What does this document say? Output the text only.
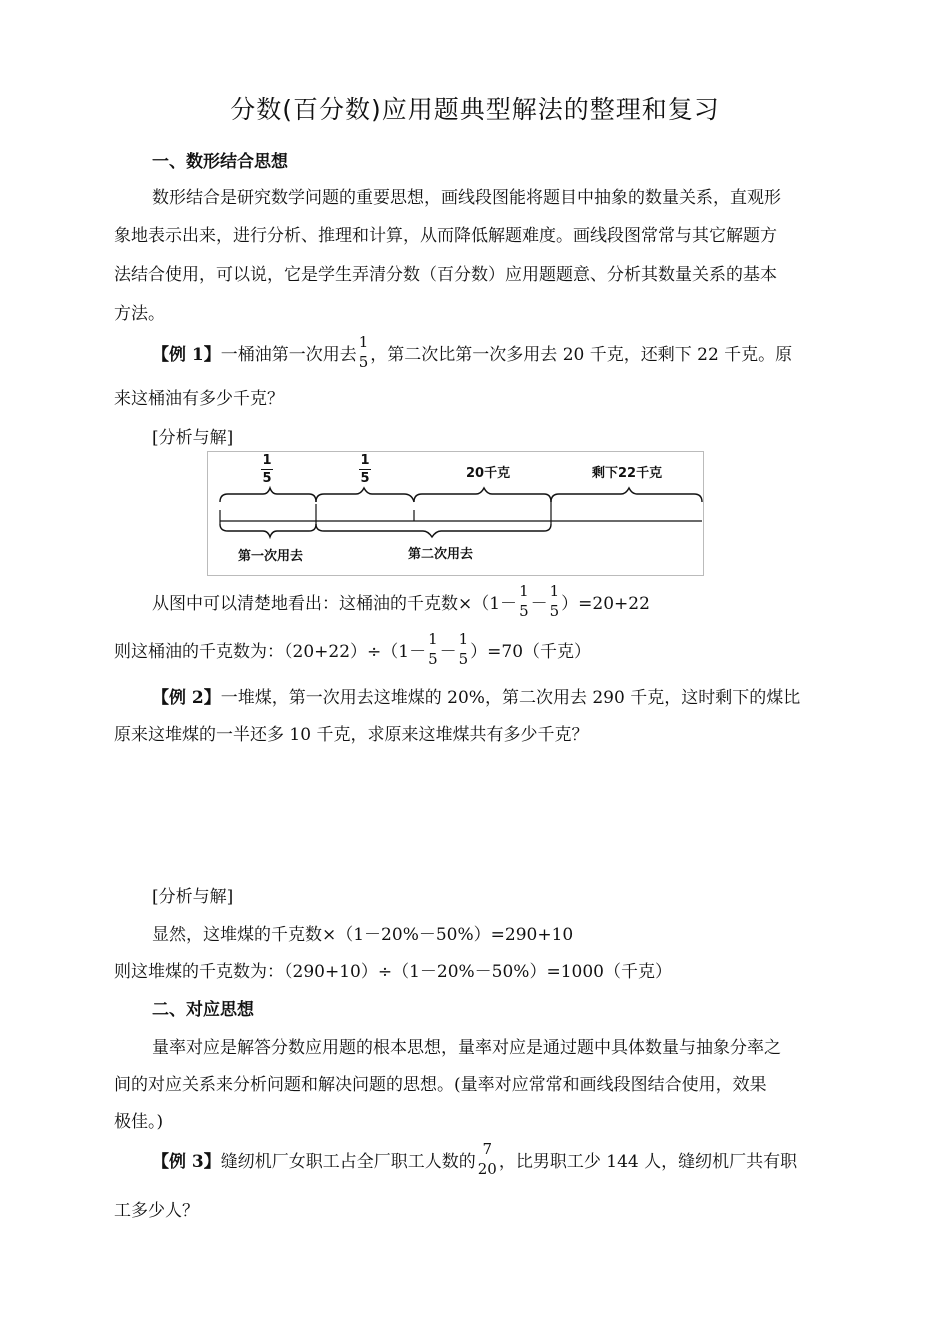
分数(百分数)应用题典型解法的整理和复习
一、数形结合思想
数形结合是研究数学问题的重要思想，画线段图能将题目中抽象的数量关系，直观形
象地表示出来，进行分析、推理和计算，从而降低解题难度。画线段图常常与其它解题方
法结合使用，可以说，它是学生弄清分数（百分数）应用题题意、分析其数量关系的基本
方法。
【例 1】 一桶油第一次用去
1
5 ，第二次比第一次多用去 20 千克，还剩下 22 千克。原
来这桶油有多少千克？
[分析与解]
1
5
1
5	20千克	剩下22千克
第一次用去	第二次用去
从图中可以清楚地看出：这桶油的千克数×（1－
1
5 －
1
5 ）=20+22
则这桶油的千克数为：（20+22）÷（1－
1
5 －
1
5 ）=70（千克）
【例 2】一堆煤，第一次用去这堆煤的 20%，第二次用去 290 千克，这时剩下的煤比
原来这堆煤的一半还多 10 千克，求原来这堆煤共有多少千克？
[分析与解]
显然，这堆煤的千克数×（1－20%－50%）=290+10
则这堆煤的千克数为：（290+10）÷（1－20%－50%）=1000（千克）
二、对应思想
量率对应是解答分数应用题的根本思想，量率对应是通过题中具体数量与抽象分率之
间的对应关系来分析问题和解决问题的思想。(量率对应常常和画线段图结合使用，效果
极佳。)
【例 3】 缝纫机厂女职工占全厂职工人数的
7
20 ，比男职工少 144 人，缝纫机厂共有职
工多少人？
